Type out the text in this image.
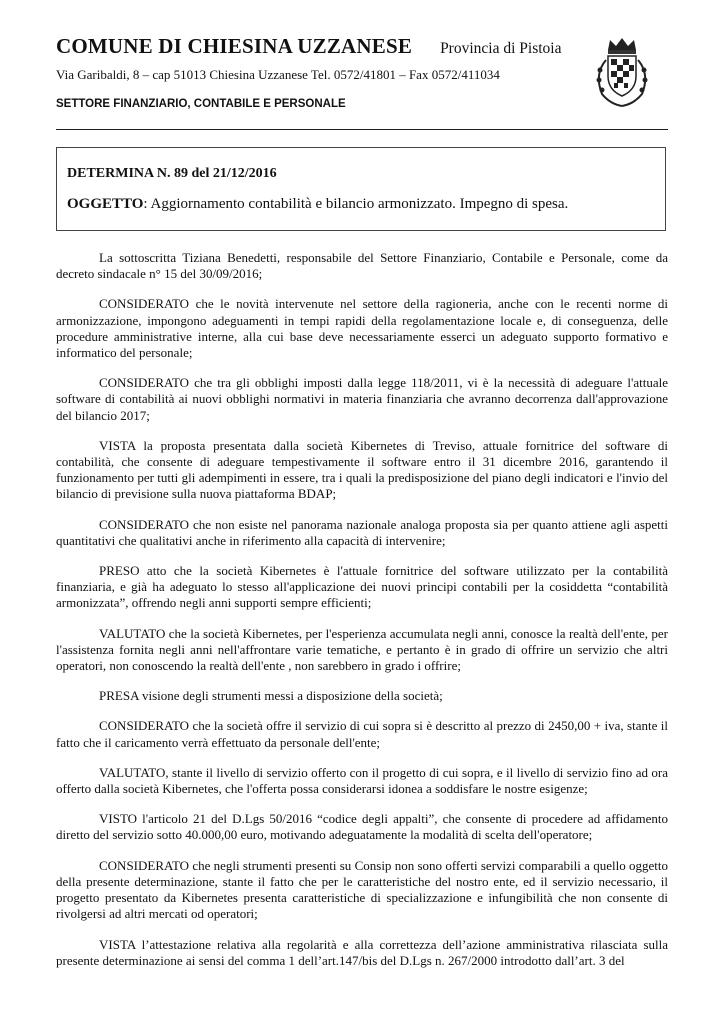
COMUNE DI CHIESINA UZZANESE Provincia di Pistoia
Via Garibaldi, 8 – cap 51013 Chiesina Uzzanese Tel. 0572/41801 – Fax 0572/411034
SETTORE FINANZIARIO, CONTABILE E PERSONALE
DETERMINA N. 89 del 21/12/2016
OGGETTO: Aggiornamento contabilità e bilancio armonizzato. Impegno di spesa.

La sottoscritta Tiziana Benedetti, responsabile del Settore Finanziario, Contabile e Personale, come da decreto sindacale n° 15 del 30/09/2016;

CONSIDERATO che le novità intervenute nel settore della ragioneria, anche con le recenti norme di armonizzazione, impongono adeguamenti in tempi rapidi della regolamentazione locale e, di conseguenza, delle procedure amministrative interne, alla cui base deve necessariamente esserci un adeguato supporto formativo e informatico del personale;

CONSIDERATO che tra gli obblighi imposti dalla legge 118/2011, vi è la necessità di adeguare l'attuale software di contabilità ai nuovi obblighi normativi in materia finanziaria che avranno decorrenza dall'approvazione del bilancio 2017;

VISTA la proposta presentata dalla società Kibernetes di Treviso, attuale fornitrice del software di contabilità, che consente di adeguare tempestivamente il software entro il 31 dicembre 2016, garantendo il funzionamento per tutti gli adempimenti in essere, tra i quali la predisposizione del piano degli indicatori e l'invio del bilancio di previsione sulla nuova piattaforma BDAP;

CONSIDERATO che non esiste nel panorama nazionale analoga proposta sia per quanto attiene agli aspetti quantitativi che qualitativi anche in riferimento alla capacità di intervenire;

PRESO atto che la società Kibernetes è l'attuale fornitrice del software utilizzato per la contabilità finanziaria, e già ha adeguato lo stesso all'applicazione dei nuovi principi contabili per la cosiddetta “contabilità armonizzata”, offrendo negli anni supporti sempre efficienti;

VALUTATO che la società Kibernetes, per l'esperienza accumulata negli anni, conosce la realtà dell'ente, per l'assistenza fornita negli anni nell'affrontare varie tematiche, e pertanto è in grado di offrire un servizio che altri operatori, non conoscendo la realtà dell'ente , non sarebbero in grado i offrire;

PRESA visione degli strumenti messi a disposizione della società;

CONSIDERATO che la società offre il servizio di cui sopra si è descritto al prezzo di 2450,00 + iva, stante il fatto che il caricamento verrà effettuato da personale dell'ente;

VALUTATO, stante il livello di servizio offerto con il progetto di cui sopra, e il livello di servizio fino ad ora offerto dalla società Kibernetes, che l'offerta possa considerarsi idonea a soddisfare le nostre esigenze;

VISTO l'articolo 21 del D.Lgs 50/2016 “codice degli appalti”, che consente di procedere ad affidamento diretto del servizio sotto 40.000,00 euro, motivando adeguatamente la modalità di scelta dell'operatore;

CONSIDERATO che negli strumenti presenti su Consip non sono offerti servizi comparabili a quello oggetto della presente determinazione, stante il fatto che per le caratteristiche del nostro ente, ed il servizio necessario, il progetto presentato da Kibernetes presenta caratteristiche di specializzazione e infungibilità che non consente di rivolgersi ad altri mercati od operatori;

VISTA l’attestazione relativa alla regolarità e alla correttezza dell’azione amministrativa rilasciata sulla presente determinazione ai sensi del comma 1 dell’art.147/bis del D.Lgs n. 267/2000 introdotto dall’art. 3 del
